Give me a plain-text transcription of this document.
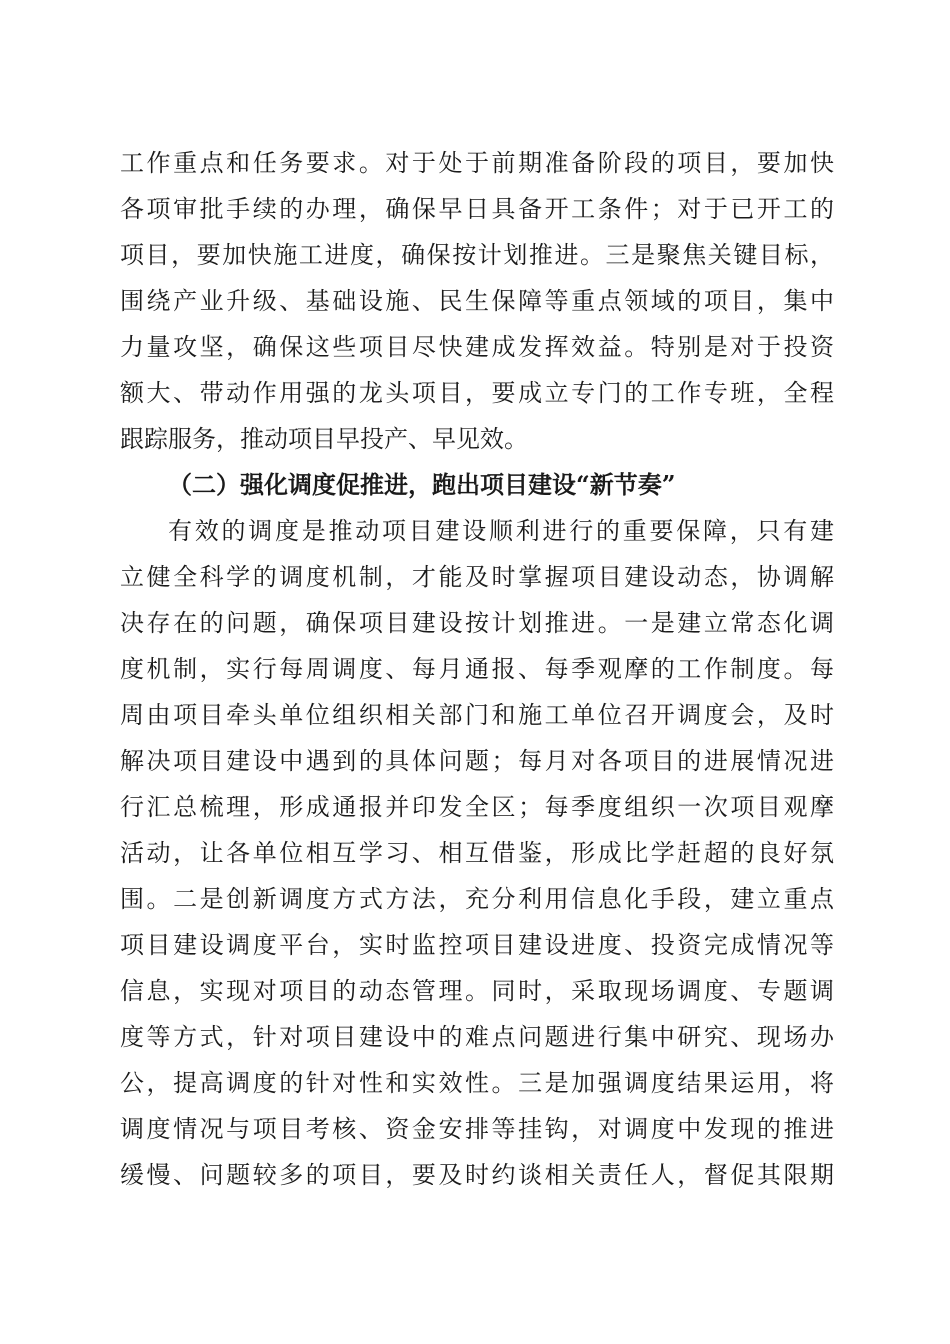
工作重点和任务要求。对于处于前期准备阶段的项目，要加快
各项审批手续的办理，确保早日具备开工条件；对于已开工的
项目，要加快施工进度，确保按计划推进。三是聚焦关键目标，
围绕产业升级、基础设施、民生保障等重点领域的项目，集中
力量攻坚，确保这些项目尽快建成发挥效益。特别是对于投资
额大、带动作用强的龙头项目，要成立专门的工作专班，全程
跟踪服务，推动项目早投产、早见效。
（二）强化调度促推进，跑出项目建设“新节奏”
有效的调度是推动项目建设顺利进行的重要保障，只有建
立健全科学的调度机制，才能及时掌握项目建设动态，协调解
决存在的问题，确保项目建设按计划推进。一是建立常态化调
度机制，实行每周调度、每月通报、每季观摩的工作制度。每
周由项目牵头单位组织相关部门和施工单位召开调度会，及时
解决项目建设中遇到的具体问题；每月对各项目的进展情况进
行汇总梳理，形成通报并印发全区；每季度组织一次项目观摩
活动，让各单位相互学习、相互借鉴，形成比学赶超的良好氛
围。二是创新调度方式方法，充分利用信息化手段，建立重点
项目建设调度平台，实时监控项目建设进度、投资完成情况等
信息，实现对项目的动态管理。同时，采取现场调度、专题调
度等方式，针对项目建设中的难点问题进行集中研究、现场办
公，提高调度的针对性和实效性。三是加强调度结果运用，将
调度情况与项目考核、资金安排等挂钩，对调度中发现的推进
缓慢、问题较多的项目，要及时约谈相关责任人，督促其限期
